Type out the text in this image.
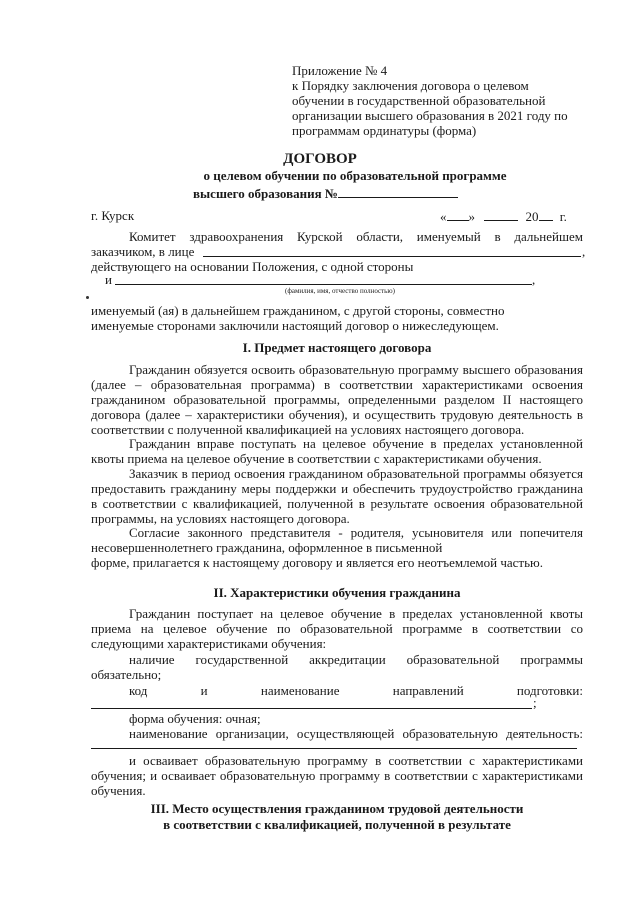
Приложение № 4
к Порядку заключения договора о целевом
обучении в государственной образовательной
организации высшего образования в 2021 году по
программам ординатуры (форма)
ДОГОВОР
о целевом обучении по образовательной программе
высшего образования №
г. Курск	« »	20 г.
Комитет здравоохранения Курской области, именуемый в дальнейшем
заказчиком, в лице	,
действующего на основании Положения, с одной стороны
и	,
(фамилия, имя, отчество полностью)
именуемый (ая) в дальнейшем гражданином, с другой стороны, совместно
именуемые сторонами заключили настоящий договор о нижеследующем.
I. Предмет настоящего договора
Гражданин обязуется освоить образовательную программу высшего образования
(далее – образовательная программа) в соответствии характеристиками освоения
гражданином образовательной программы, определенными разделом II настоящего
договора (далее – характеристики обучения), и осуществить трудовую деятельность в
соответствии с полученной квалификацией на условиях настоящего договора.
Гражданин вправе поступать на целевое обучение в пределах установленной
квоты приема на целевое обучение в соответствии с характеристиками обучения.
Заказчик в период освоения гражданином образовательной программы обязуется
предоставить гражданину меры поддержки и обеспечить трудоустройство гражданина
в соответствии с квалификацией, полученной в результате освоения образовательной
программы, на условиях настоящего договора.
Согласие законного представителя - родителя, усыновителя или попечителя
несовершеннолетнего гражданина, оформленное в письменной
форме, прилагается к настоящему договору и является его неотъемлемой частью.
II. Характеристики обучения гражданина
Гражданин поступает на целевое обучение в пределах установленной квоты
приема на целевое обучение по образовательной программе в соответствии со
следующими характеристиками обучения:
наличие государственной аккредитации образовательной программы
обязательно;
код и наименование направлений подготовки:
;
форма обучения: очная;
наименование организации, осуществляющей образовательную деятельность:
и осваивает образовательную программу в соответствии с характеристиками
обучения; и осваивает образовательную программу в соответствии с характеристиками
обучения.
III. Место осуществления гражданином трудовой деятельности
в соответствии с квалификацией, полученной в результате
